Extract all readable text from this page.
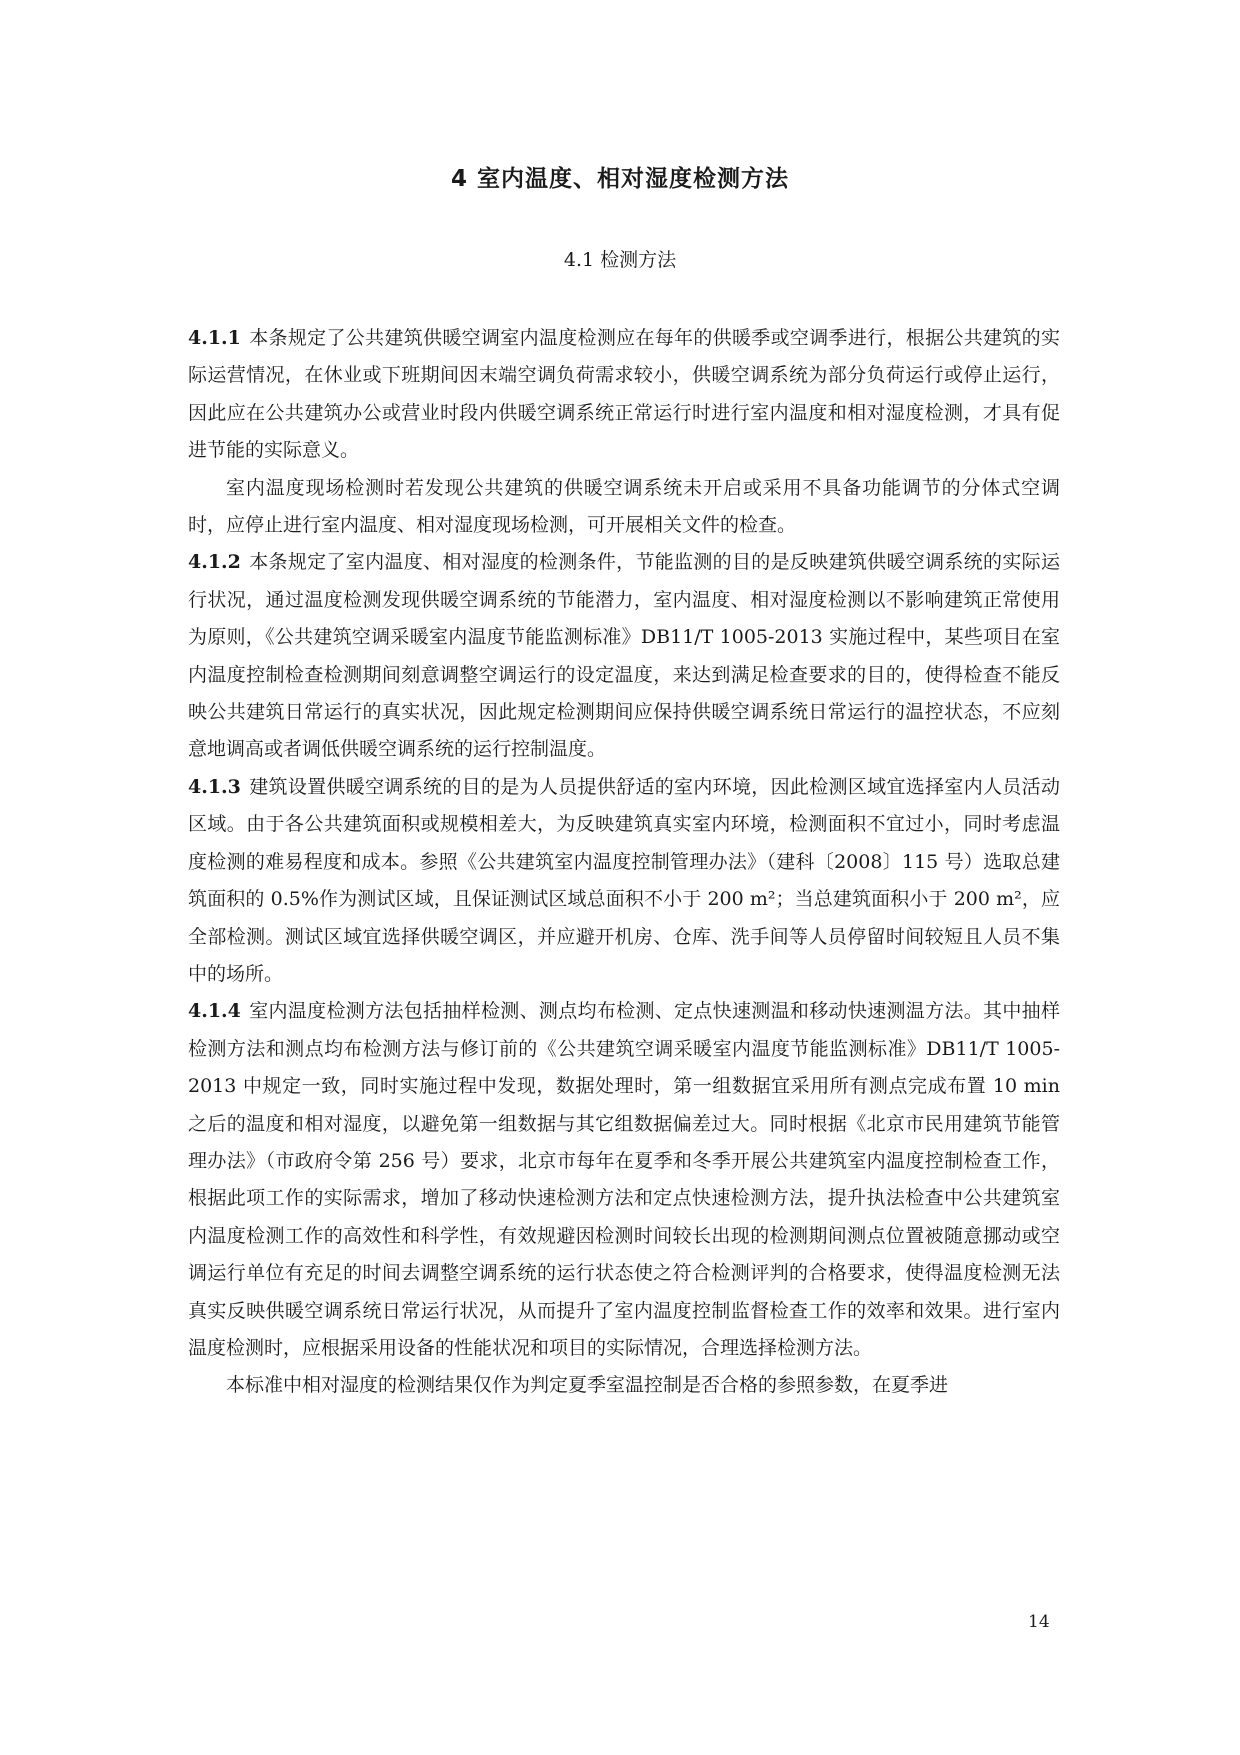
4 室内温度、相对湿度检测方法
4.1 检测方法

4.1.1 本条规定了公共建筑供暖空调室内温度检测应在每年的供暖季或空调季进行，根据公共建筑的实际运营情况，在休业或下班期间因末端空调负荷需求较小，供暖空调系统为部分负荷运行或停止运行，因此应在公共建筑办公或营业时段内供暖空调系统正常运行时进行室内温度和相对湿度检测，才具有促进节能的实际意义。

室内温度现场检测时若发现公共建筑的供暖空调系统未开启或采用不具备功能调节的分体式空调时，应停止进行室内温度、相对湿度现场检测，可开展相关文件的检查。

4.1.2 本条规定了室内温度、相对湿度的检测条件，节能监测的目的是反映建筑供暖空调系统的实际运行状况，通过温度检测发现供暖空调系统的节能潜力，室内温度、相对湿度检测以不影响建筑正常使用为原则，《公共建筑空调采暖室内温度节能监测标准》DB11/T 1005-2013 实施过程中，某些项目在室内温度控制检查检测期间刻意调整空调运行的设定温度，来达到满足检查要求的目的，使得检查不能反映公共建筑日常运行的真实状况，因此规定检测期间应保持供暖空调系统日常运行的温控状态，不应刻意地调高或者调低供暖空调系统的运行控制温度。

4.1.3 建筑设置供暖空调系统的目的是为人员提供舒适的室内环境，因此检测区域宜选择室内人员活动区域。由于各公共建筑面积或规模相差大，为反映建筑真实室内环境，检测面积不宜过小，同时考虑温度检测的难易程度和成本。参照《公共建筑室内温度控制管理办法》（建科〔2008〕115 号）选取总建筑面积的 0.5%作为测试区域，且保证测试区域总面积不小于 200 m²；当总建筑面积小于 200 m²，应全部检测。测试区域宜选择供暖空调区，并应避开机房、仓库、洗手间等人员停留时间较短且人员不集中的场所。

4.1.4 室内温度检测方法包括抽样检测、测点均布检测、定点快速测温和移动快速测温方法。其中抽样检测方法和测点均布检测方法与修订前的《公共建筑空调采暖室内温度节能监测标准》DB11/T 1005-2013 中规定一致，同时实施过程中发现，数据处理时，第一组数据宜采用所有测点完成布置 10 min 之后的温度和相对湿度，以避免第一组数据与其它组数据偏差过大。同时根据《北京市民用建筑节能管理办法》（市政府令第 256 号）要求，北京市每年在夏季和冬季开展公共建筑室内温度控制检查工作，根据此项工作的实际需求，增加了移动快速检测方法和定点快速检测方法，提升执法检查中公共建筑室内温度检测工作的高效性和科学性，有效规避因检测时间较长出现的检测期间测点位置被随意挪动或空调运行单位有充足的时间去调整空调系统的运行状态使之符合检测评判的合格要求，使得温度检测无法真实反映供暖空调系统日常运行状况，从而提升了室内温度控制监督检查工作的效率和效果。进行室内温度检测时，应根据采用设备的性能状况和项目的实际情况，合理选择检测方法。

本标准中相对湿度的检测结果仅作为判定夏季室温控制是否合格的参照参数，在夏季进

14
